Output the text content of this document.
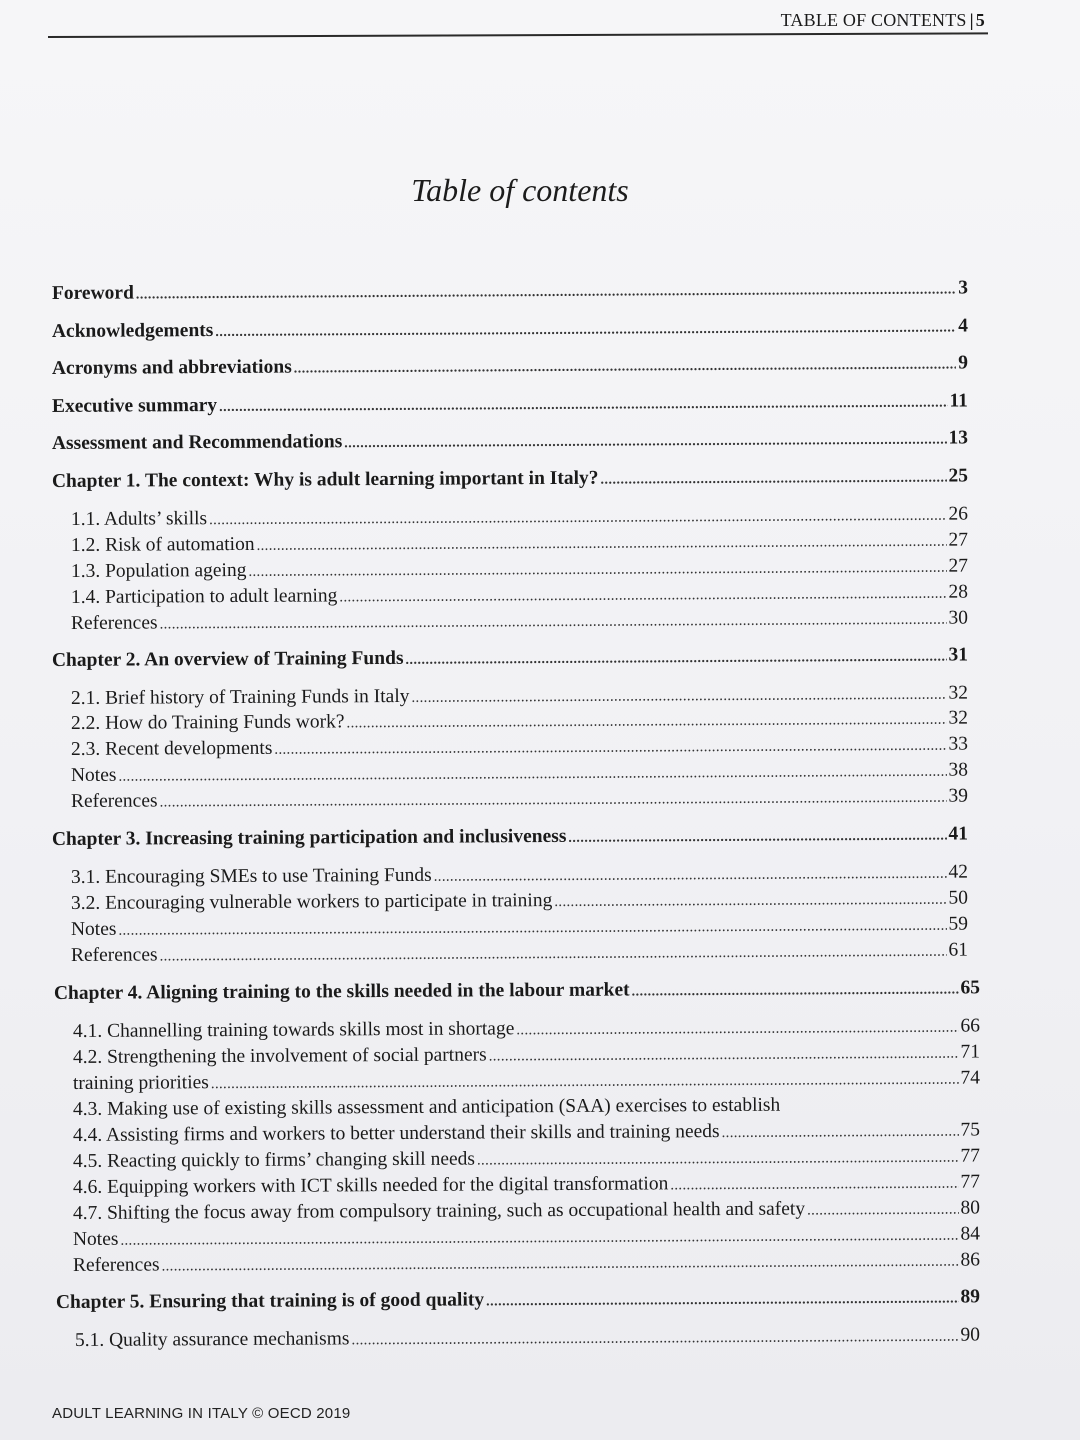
TABLE OF CONTENTS | 5
Table of contents
Foreword .....	3
Acknowledgements .....	4
Acronyms and abbreviations .....	9
Executive summary .....	11
Assessment and Recommendations .....	13
Chapter 1. The context: Why is adult learning important in Italy? .....	25
1.1. Adults’ skills .....	26
1.2. Risk of automation .....	27
1.3. Population ageing .....	27
1.4. Participation to adult learning .....	28
References .....	30
Chapter 2. An overview of Training Funds .....	31
2.1. Brief history of Training Funds in Italy .....	32
2.2. How do Training Funds work? .....	32
2.3. Recent developments .....	33
Notes .....	38
References .....	39
Chapter 3. Increasing training participation and inclusiveness .....	41
3.1. Encouraging SMEs to use Training Funds .....	42
3.2. Encouraging vulnerable workers to participate in training .....	50
Notes .....	59
References .....	61
Chapter 4. Aligning training to the skills needed in the labour market .....	65
4.1. Channelling training towards skills most in shortage .....	66
4.2. Strengthening the involvement of social partners .....	71
4.3. Making use of existing skills assessment and anticipation (SAA) exercises to establish
training priorities .....	74
4.4. Assisting firms and workers to better understand their skills and training needs .....	75
4.5. Reacting quickly to firms’ changing skill needs .....	77
4.6. Equipping workers with ICT skills needed for the digital transformation .....	77
4.7. Shifting the focus away from compulsory training, such as occupational health and safety .....	80
Notes .....	84
References .....	86
Chapter 5. Ensuring that training is of good quality .....	89
5.1. Quality assurance mechanisms .....	90
ADULT LEARNING IN ITALY © OECD 2019
